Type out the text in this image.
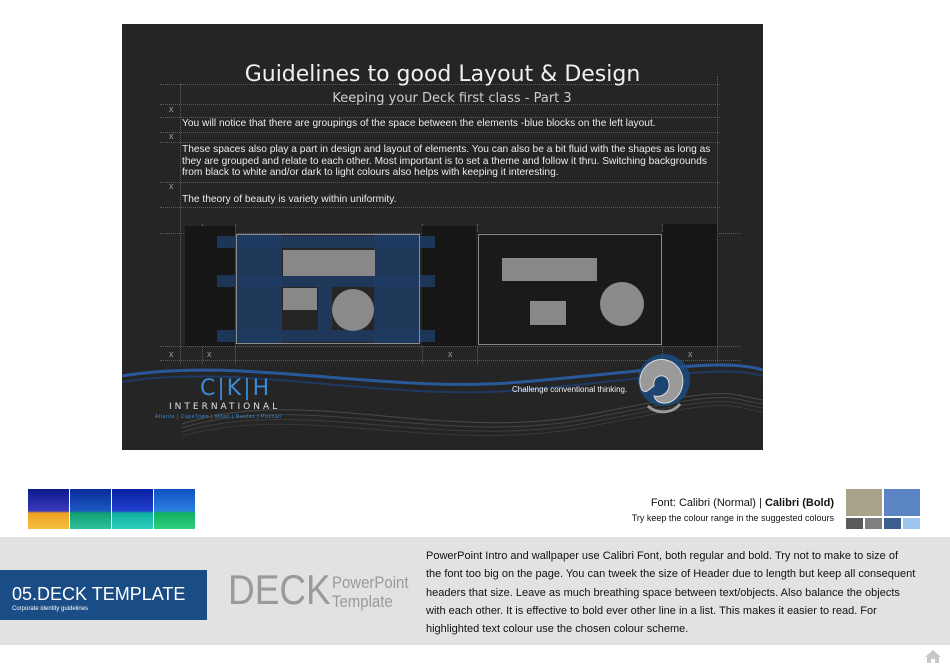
Guidelines to good Layout & Design
Keeping your Deck first class - Part 3
You will notice that there are groupings of the space between the elements -blue blocks on the left layout.
These spaces also play a part in design and layout of elements. You can also be a bit fluid with the shapes as long as they are grouped and relate to each other. Most important is to set a theme and follow it thru. Switching backgrounds from black to white and/or dark to light colours also helps with keeping it interesting.
The theory of beauty is variety within uniformity.
x
x
x
x	x	x	x
C|K|H
INTERNATIONAL
Atlanta | CapeTown | Milan | Nantes | Poznan
Challenge conventional thinking.
Font: Calibri (Normal) | Calibri (Bold)
Try keep the colour range in the suggested colours
05.DECK TEMPLATE
Corporate identity guidelines	DECK PowerPoint
Template
PowerPoint Intro and wallpaper use Calibri Font, both regular and bold. Try not to make to size of the font too big on the page. You can tweek the size of Header due to length but keep all consequent headers that size. Leave as much breathing space between text/objects. Also balance the objects with each other. It is effective to bold ever other line in a list. This makes it easier to read. For highlighted text colour use the chosen colour scheme.
